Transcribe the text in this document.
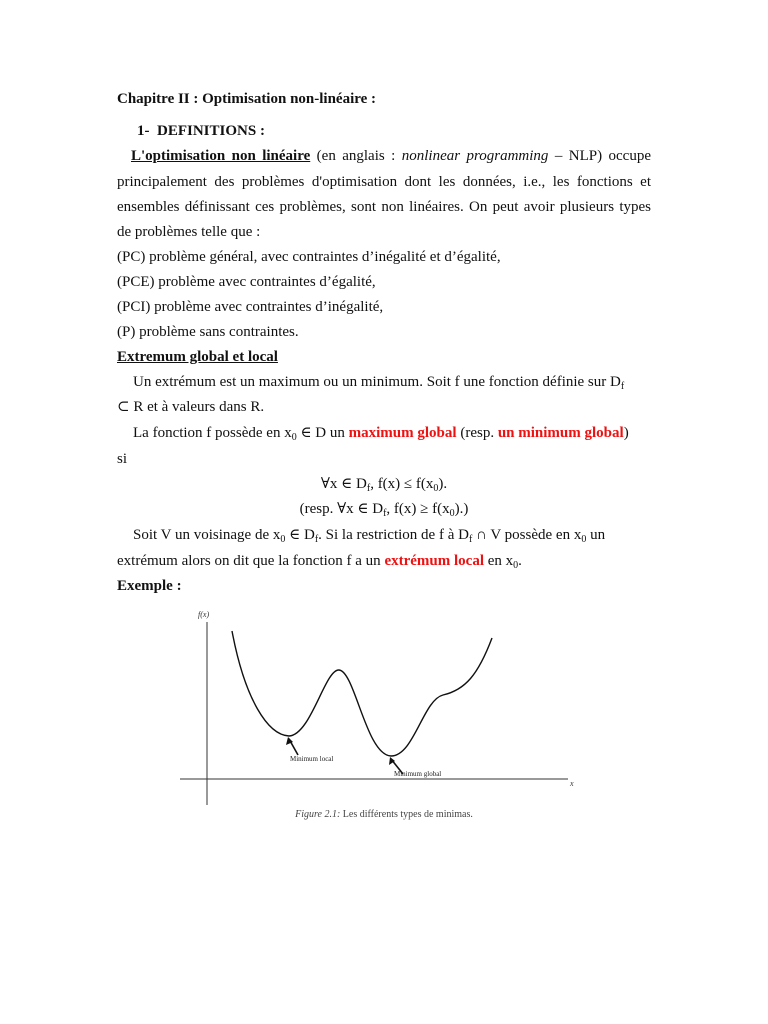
Chapitre II : Optimisation non-linéaire :
1- DEFINITIONS :
L'optimisation non linéaire (en anglais : nonlinear programming – NLP) occupe
principalement des problèmes d'optimisation dont les données, i.e., les fonctions et
ensembles définissant ces problèmes, sont non linéaires. On peut avoir plusieurs types
de problèmes telle que :
(PC) problème général, avec contraintes d’inégalité et d’égalité,
(PCE) problème avec contraintes d’égalité,
(PCI) problème avec contraintes d’inégalité,
(P) problème sans contraintes.
Extremum global et local
Un extrémum est un maximum ou un minimum. Soit f une fonction définie sur $D_f$
⊂ R et à valeurs dans R.
La fonction f possède en $x_0$ ∈ D un maximum global (resp. un minimum global)
si
∀x ∈ $D_f$, $f(x) \le f(x_0)$.
(resp. ∀x ∈ $D_f$, $f(x) \ge f(x_0)$.)
Soit V un voisinage de $x_0$ ∈ $D_f$. Si la restriction de f à $D_f$ ∩ V possède en $x_0$ un
extrémum alors on dit que la fonction f a un extrémum local en $x_0$.
Exemple :
f(x)
x
Minimum local
Minimum global
Figure 2.1: Les différents types de minimas.
